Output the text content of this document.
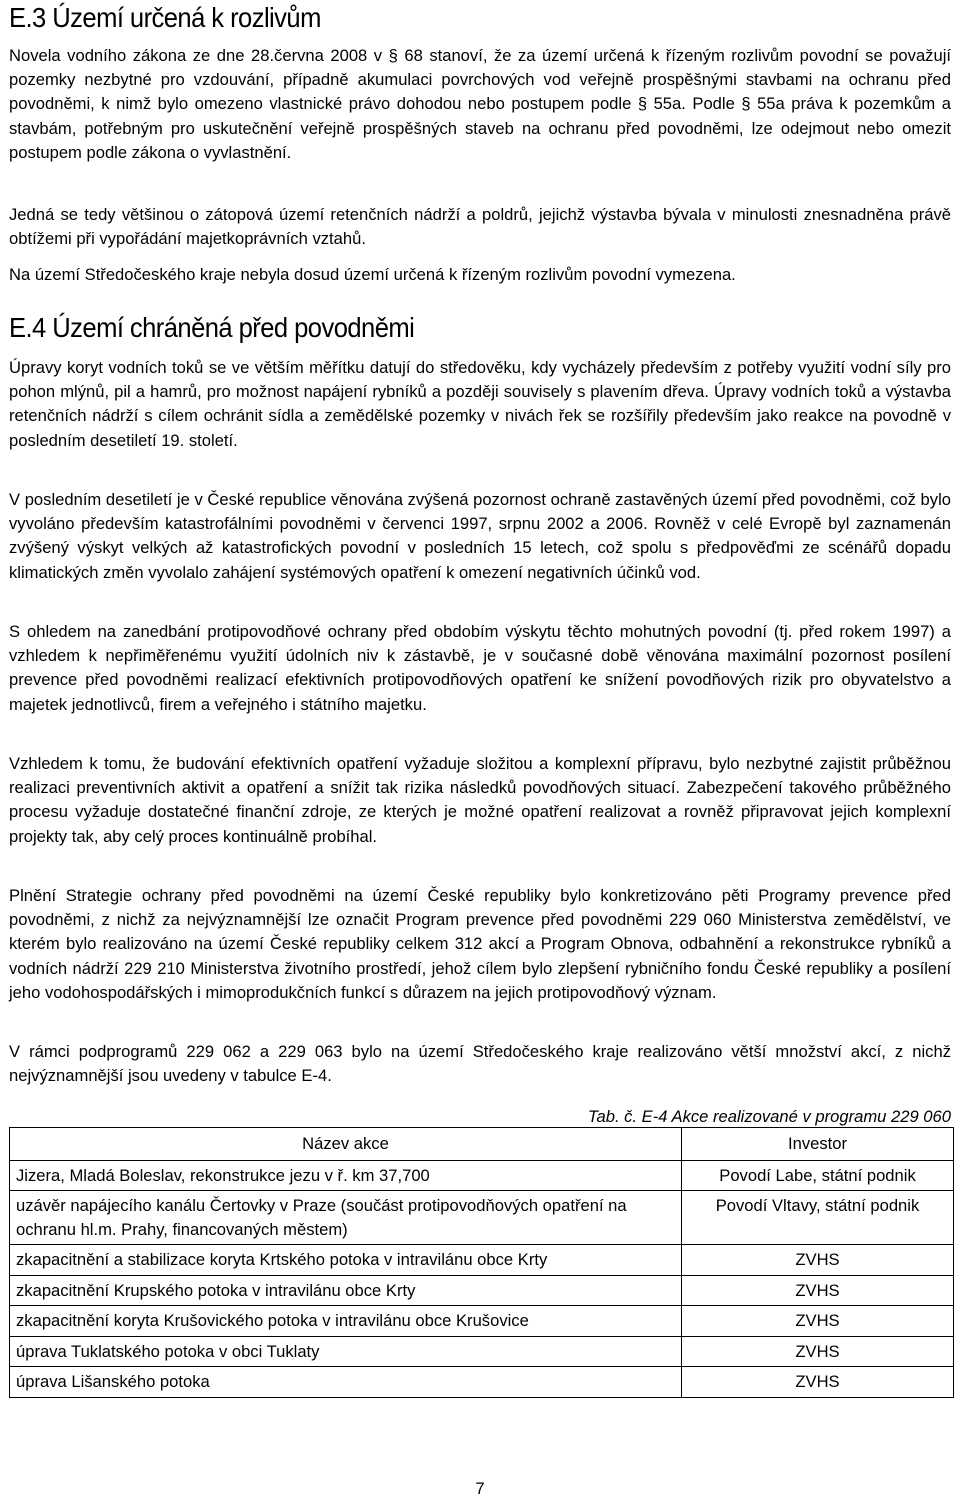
E.3 Území určená k rozlivům

Novela vodního zákona ze dne 28.června 2008 v § 68 stanoví, že za území určená k řízeným rozlivům povodní se považují pozemky nezbytné pro vzdouvání, případně akumulaci povrchových vod veřejně prospěšnými stavbami na ochranu před povodněmi, k nimž bylo omezeno vlastnické právo dohodou nebo postupem podle § 55a. Podle § 55a práva k pozemkům a stavbám, potřebným pro uskutečnění veřejně prospěšných staveb na ochranu před povodněmi, lze odejmout nebo omezit postupem podle zákona o vyvlastnění.

Jedná se tedy většinou o zátopová území retenčních nádrží a poldrů, jejichž výstavba bývala v minulosti znesnadněna právě obtížemi při vypořádání majetkoprávních vztahů.

Na území Středočeského kraje nebyla dosud území určená k řízeným rozlivům povodní vymezena.

E.4 Území chráněná před povodněmi

Úpravy koryt vodních toků se ve větším měřítku datují do středověku, kdy vycházely především z potřeby využití vodní síly pro pohon mlýnů, pil a hamrů, pro možnost napájení rybníků a později souvisely s plavením dřeva. Úpravy vodních toků a výstavba retenčních nádrží s cílem ochránit sídla a zemědělské pozemky v nivách řek se rozšířily především jako reakce na povodně v posledním desetiletí 19. století.

V posledním desetiletí je v České republice věnována zvýšená pozornost ochraně zastavěných území před povodněmi, což bylo vyvoláno především katastrofálními povodněmi v červenci 1997, srpnu 2002 a 2006. Rovněž v celé Evropě byl zaznamenán zvýšený výskyt velkých až katastrofických povodní v posledních 15 letech, což spolu s předpověďmi ze scénářů dopadu klimatických změn vyvolalo zahájení systémových opatření k omezení negativních účinků vod.

S ohledem na zanedbání protipovodňové ochrany před obdobím výskytu těchto mohutných povodní (tj. před rokem 1997) a vzhledem k nepřiměřenému využití údolních niv k zástavbě, je v současné době věnována maximální pozornost posílení prevence před povodněmi realizací efektivních protipovodňových opatření ke snížení povodňových rizik pro obyvatelstvo a majetek jednotlivců, firem a veřejného i státního majetku.

Vzhledem k tomu, že budování efektivních opatření vyžaduje složitou a komplexní přípravu, bylo nezbytné zajistit průběžnou realizaci preventivních aktivit a opatření a snížit tak rizika následků povodňových situací. Zabezpečení takového průběžného procesu vyžaduje dostatečné finanční zdroje, ze kterých je možné opatření realizovat a rovněž připravovat jejich komplexní projekty tak, aby celý proces kontinuálně probíhal.

Plnění Strategie ochrany před povodněmi na území České republiky bylo konkretizováno pěti Programy prevence před povodněmi, z nichž za nejvýznamnější lze označit Program prevence před povodněmi 229 060 Ministerstva zemědělství, ve kterém bylo realizováno na území České republiky celkem 312 akcí a Program Obnova, odbahnění a rekonstrukce rybníků a vodních nádrží 229 210 Ministerstva životního prostředí, jehož cílem bylo zlepšení rybničního fondu České republiky a posílení jeho vodohospodářských i mimoprodukčních funkcí s důrazem na jejich protipovodňový význam.

V rámci podprogramů 229 062 a 229 063 bylo na území Středočeského kraje realizováno větší množství akcí, z nichž nejvýznamnější jsou uvedeny v tabulce E-4.

Tab. č. E-4 Akce realizované v programu 229 060

Název akce	Investor
Jizera, Mladá Boleslav, rekonstrukce jezu v ř. km 37,700	Povodí Labe, státní podnik
uzávěr napájecího kanálu Čertovky v Praze (součást protipovodňových opatření na ochranu hl.m. Prahy, financovaných městem)	Povodí Vltavy, státní podnik
zkapacitnění a stabilizace koryta Krtského potoka v intravilánu obce Krty	ZVHS
zkapacitnění Krupského potoka v intravilánu obce Krty	ZVHS
zkapacitnění koryta Krušovického potoka v intravilánu obce Krušovice	ZVHS
úprava Tuklatského potoka v obci Tuklaty	ZVHS
úprava Lišanského potoka	ZVHS
7
